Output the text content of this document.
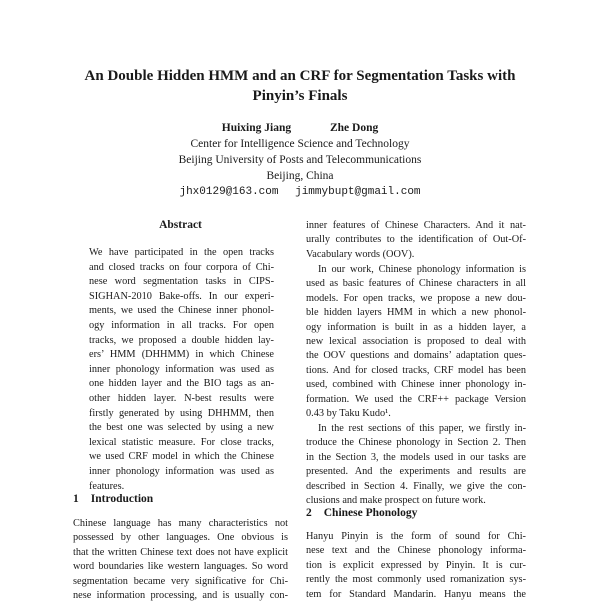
An Double Hidden HMM and an CRF for Segmentation Tasks with
Pinyin’s Finals
Huixing Jiang	Zhe Dong
Center for Intelligence Science and Technology
Beijing University of Posts and Telecommunications
Beijing, China
jhx0129@163.com jimmybupt@gmail.com
Abstract
We have participated in the open tracks
and closed tracks on four corpora of Chi-
nese word segmentation tasks in CIPS-
SIGHAN-2010 Bake-offs. In our experi-
ments, we used the Chinese inner phonol-
ogy information in all tracks. For open
tracks, we proposed a double hidden lay-
ers’ HMM (DHHMM) in which Chinese
inner phonology information was used as
one hidden layer and the BIO tags as an-
other hidden layer. N-best results were
firstly generated by using DHHMM, then
the best one was selected by using a new
lexical statistic measure. For close tracks,
we used CRF model in which the Chinese
inner phonology information was used as
features.
1 Introduction
Chinese language has many characteristics not
possessed by other languages. One obvious is
that the written Chinese text does not have explicit
word boundaries like western languages. So word
segmentation became very significative for Chi-
nese information processing, and is usually con-
inner features of Chinese Characters. And it nat-
urally contributes to the identification of Out-Of-
Vacabulary words (OOV).
In our work, Chinese phonology information is
used as basic features of Chinese characters in all
models. For open tracks, we propose a new dou-
ble hidden layers HMM in which a new phonol-
ogy information is built in as a hidden layer, a
new lexical association is proposed to deal with
the OOV questions and domains’ adaptation ques-
tions. And for closed tracks, CRF model has been
used, combined with Chinese inner phonology in-
formation. We used the CRF++ package Version
0.43 by Taku Kudo¹.
In the rest sections of this paper, we firstly in-
troduce the Chinese phonology in Section 2. Then
in the Section 3, the models used in our tasks are
presented. And the experiments and results are
described in Section 4. Finally, we give the con-
clusions and make prospect on future work.
2 Chinese Phonology
Hanyu Pinyin is the form of sound for Chi-
nese text and the Chinese phonology informa-
tion is explicit expressed by Pinyin. It is cur-
rently the most commonly used romanization sys-
tem for Standard Mandarin. Hanyu means the
